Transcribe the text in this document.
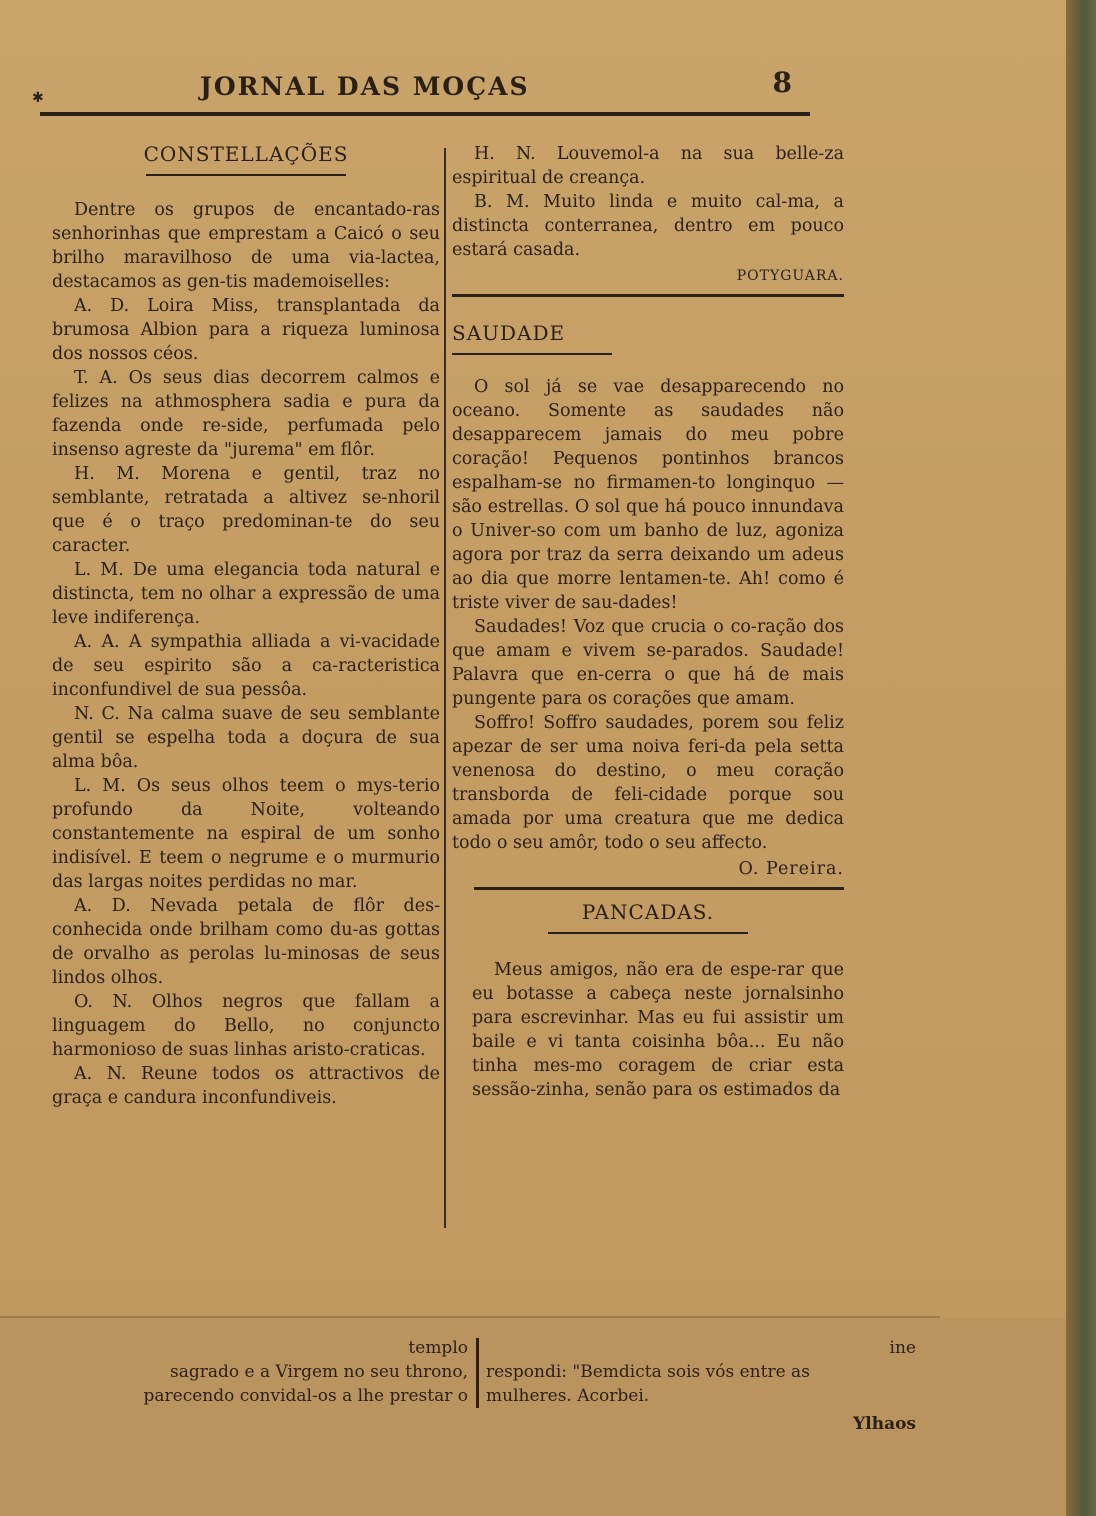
✱	JORNAL DAS MOÇAS	8
CONSTELLAÇÕES

Dentre os grupos de encantado-ras senhorinhas que emprestam a Caicó o seu brilho maravilhoso de uma via-lactea, destacamos as gen-tis mademoiselles:

A. D. Loira Miss, transplantada da brumosa Albion para a riqueza luminosa dos nossos céos.

T. A. Os seus dias decorrem calmos e felizes na athmosphera sadia e pura da fazenda onde re-side, perfumada pelo insenso agreste da "jurema" em flôr.

H. M. Morena e gentil, traz no semblante, retratada a altivez se-nhoril que é o traço predominan-te do seu caracter.

L. M. De uma elegancia toda natural e distincta, tem no olhar a expressão de uma leve indiferença.

A. A. A sympathia alliada a vi-vacidade de seu espirito são a ca-racteristica inconfundivel de sua pessôa.

N. C. Na calma suave de seu semblante gentil se espelha toda a doçura de sua alma bôa.

L. M. Os seus olhos teem o mys-terio profundo da Noite, volteando constantemente na espiral de um sonho indisível. E teem o negrume e o murmurio das largas noites perdidas no mar.

A. D. Nevada petala de flôr des-conhecida onde brilham como du-as gottas de orvalho as perolas lu-minosas de seus lindos olhos.

O. N. Olhos negros que fallam a linguagem do Bello, no conjuncto harmonioso de suas linhas aristo-craticas.

A. N. Reune todos os attractivos de graça e candura inconfundiveis.

H. N. Louvemol-a na sua belle-za espiritual de creança.

B. M. Muito linda e muito cal-ma, a distincta conterranea, dentro em pouco estará casada.

POTYGUARA.
SAUDADE

O sol já se vae desapparecendo no oceano. Somente as saudades não desapparecem jamais do meu pobre coração! Pequenos pontinhos brancos espalham-se no firmamen-to longinquo — são estrellas. O sol que há pouco innundava o Univer-so com um banho de luz, agoniza agora por traz da serra deixando um adeus ao dia que morre lentamen-te. Ah! como é triste viver de sau-dades!

Saudades! Voz que crucia o co-ração dos que amam e vivem se-parados. Saudade! Palavra que en-cerra o que há de mais pungente para os corações que amam.

Soffro! Soffro saudades, porem sou feliz apezar de ser uma noiva feri-da pela setta venenosa do destino, o meu coração transborda de feli-cidade porque sou amada por uma creatura que me dedica todo o seu amôr, todo o seu affecto.

O. Pereira.
PANCADAS.

Meus amigos, não era de espe-rar que eu botasse a cabeça neste jornalsinho para escrevinhar. Mas eu fui assistir um baile e vi tanta coisinha bôa... Eu não tinha mes-mo coragem de criar esta sessão-zinha, senão para os estimados da

templo
sagrado e a Virgem no seu throno,
parecendo convidal-os a lhe prestar o
ine
respondi: "Bemdicta sois vós entre as
mulheres. Acorbei.
Ylhaos
